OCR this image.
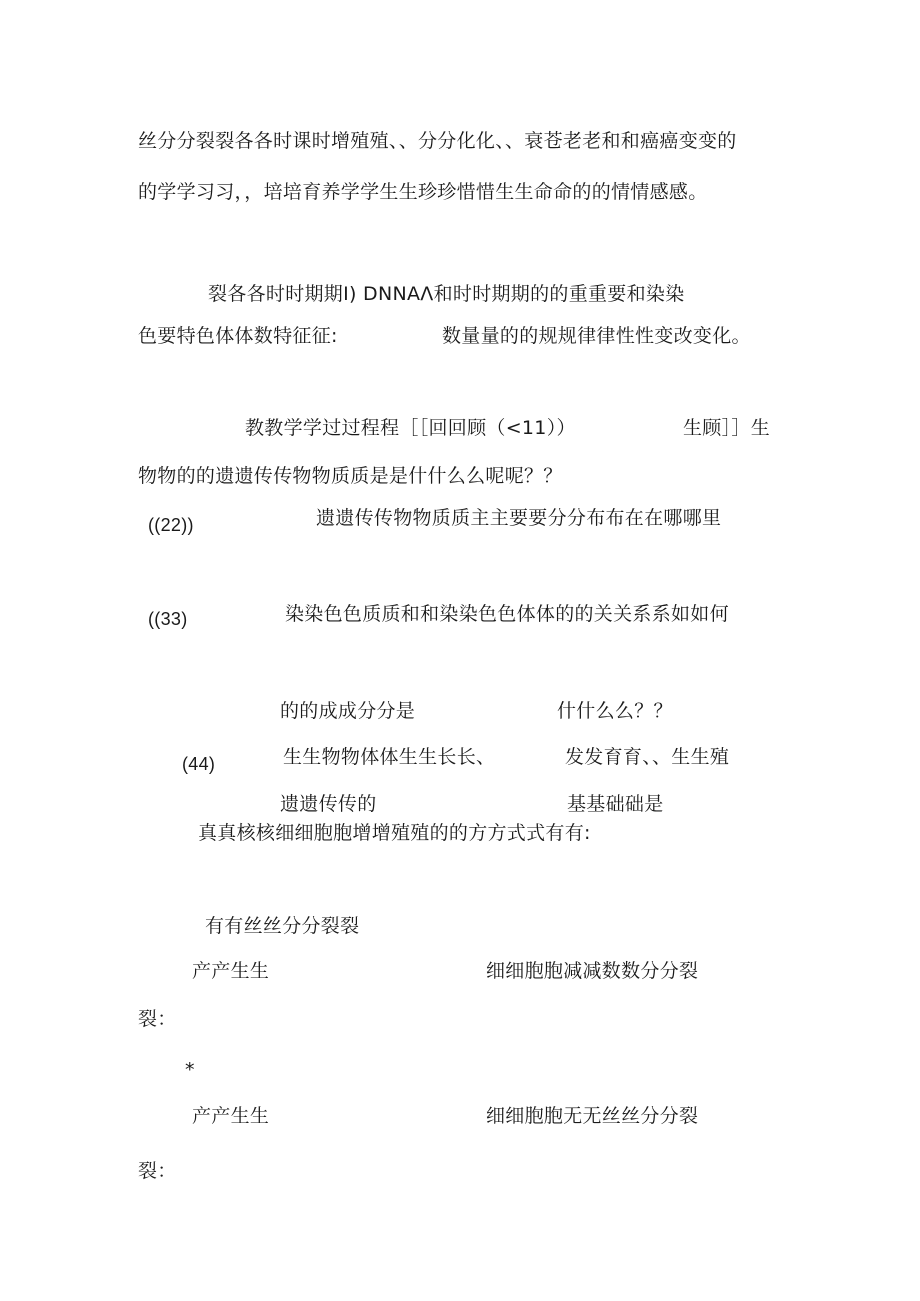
丝分分裂裂各各时课时增殖殖、、分分化化、、衰苍老老和和癌癌变变的
的学学习习，，培培育养学学生生珍珍惜惜生生命命的的情情感感。
裂各各时时期期I) DNNAΛ和时时期期的的重重要和染染
色要特色体体数特征征:	数量量的的规规律律性性变改变化。
教教学学过过程程［［回回顾（<11））	生顾］］生
物物的的遗遗传传物物质质是是什什么么呢呢？？
((22))	遗遗传传物物质质主主要要分分布布在在哪哪里
((33)	染染色色质质和和染染色色体体的的关关系系如如何
的的成成分分是	什什么么？？
(44)	生生物物体体生生长长、	发发育育、、生生殖
遗遗传传的	基基础础是
真真核核细细胞胞增增殖殖的的方方式式有有:
有有丝丝分分裂裂
产产生生	细细胞胞减减数数分分裂
裂：
*
产产生生	细细胞胞无无丝丝分分裂
裂：
